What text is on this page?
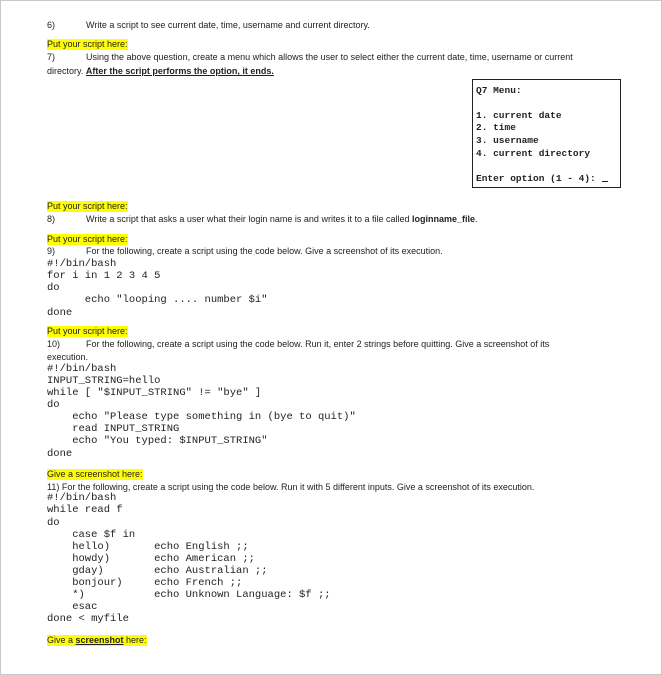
6)	Write a script to see current date, time, username and current directory.
Put your script here:
7)	Using the above question, create a menu which allows the user to select either the current date, time, username or current
directory. After the script performs the option, it ends.
Q7 Menu:
1. current date
2. time
3. username
4. current directory
Enter option (1 - 4):
Put your script here:
8)	Write a script that asks a user what their login name is and writes it to a file called loginname_file.
Put your script here:
9)	For the following, create a script using the code below. Give a screenshot of its execution.
#!/bin/bash
for i in 1 2 3 4 5
do
echo "looping .... number $i"
done
Put your script here:
10)	For the following, create a script using the code below. Run it, enter 2 strings before quitting. Give a screenshot of its
execution.
#!/bin/bash
INPUT_STRING=hello
while [ "$INPUT_STRING" != "bye" ]
do
echo "Please type something in (bye to quit)"
read INPUT_STRING
echo "You typed: $INPUT_STRING"
done
Give a screenshot here:
11) For the following, create a script using the code below. Run it with 5 different inputs. Give a screenshot of its execution.
#!/bin/bash
while read f
do
case $f in
hello)       echo English ;;
howdy)       echo American ;;
gday)        echo Australian ;;
bonjour)     echo French ;;
*)           echo Unknown Language: $f ;;
esac
done < myfile
Give a screenshot here:
